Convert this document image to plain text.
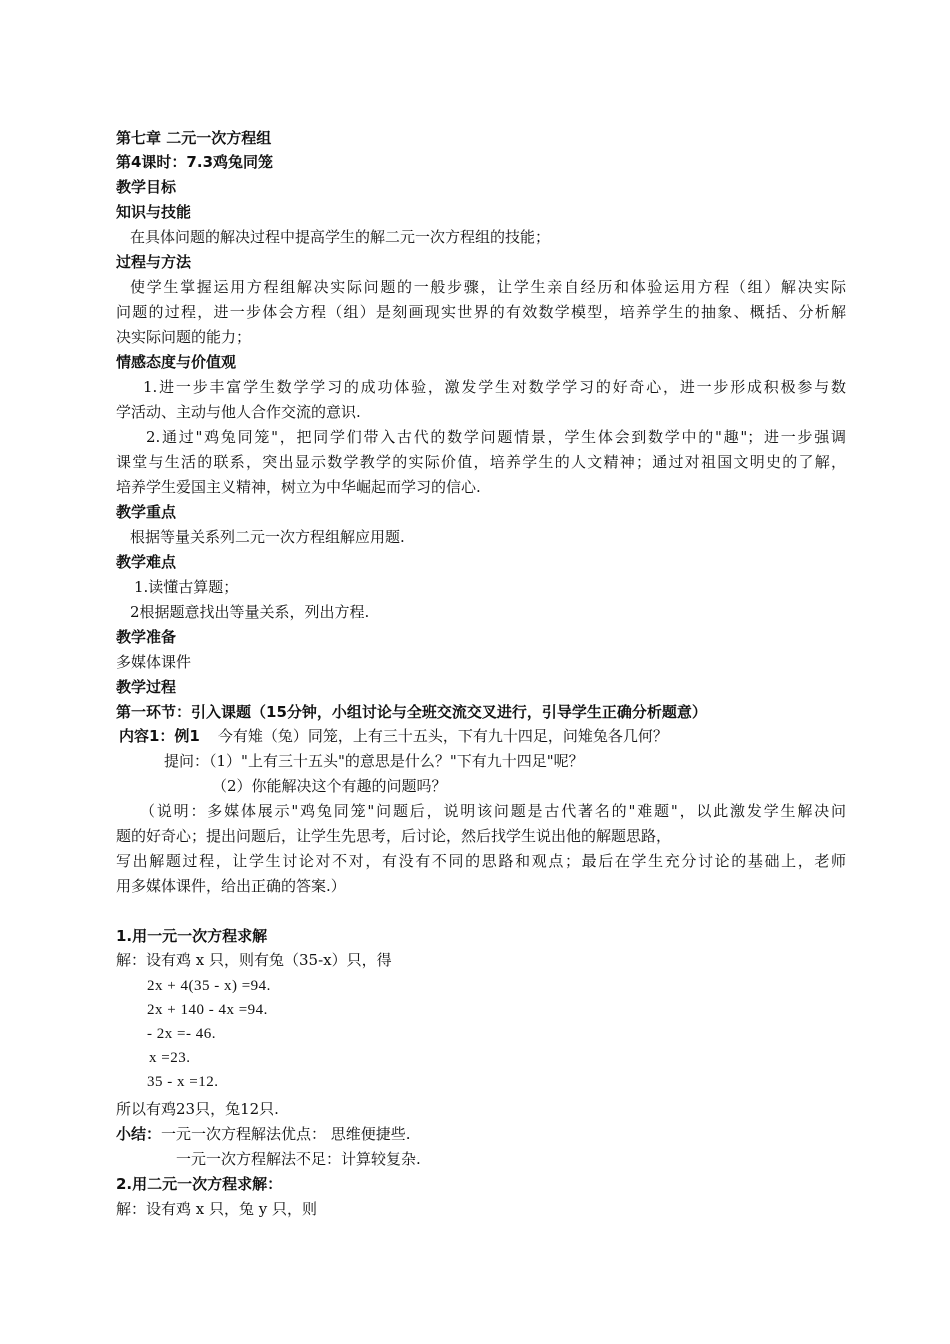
第七章 二元一次方程组
第4课时：7.3鸡兔同笼
教学目标
知识与技能
在具体问题的解决过程中提高学生的解二元一次方程组的技能；
过程与方法
使学生掌握运用方程组解决实际问题的一般步骤，让学生亲自经历和体验运用方程（组）解决实际
问题的过程，进一步体会方程（组）是刻画现实世界的有效数学模型，培养学生的抽象、概括、分析解
决实际问题的能力；
情感态度与价值观
1.进一步丰富学生数学学习的成功体验，激发学生对数学学习的好奇心，进一步形成积极参与数
学活动、主动与他人合作交流的意识.
2.通过"鸡兔同笼"，把同学们带入古代的数学问题情景，学生体会到数学中的"趣"；进一步强调
课堂与生活的联系，突出显示数学教学的实际价值，培养学生的人文精神；通过对祖国文明史的了解，
培养学生爱国主义精神，树立为中华崛起而学习的信心.
教学重点
根据等量关系列二元一次方程组解应用题.
教学难点
1.读懂古算题；
2根据题意找出等量关系，列出方程.
教学准备
多媒体课件
教学过程
第一环节：引入课题（15分钟，小组讨论与全班交流交叉进行，引导学生正确分析题意）
内容1：例1 今有雉（兔）同笼，上有三十五头，下有九十四足，问雉兔各几何？
提问：（1）"上有三十五头"的意思是什么？"下有九十四足"呢？
（2）你能解决这个有趣的问题吗？
（说明：多媒体展示"鸡兔同笼"问题后，说明该问题是古代著名的"难题"，以此激发学生解决问
题的好奇心；提出问题后，让学生先思考，后讨论，然后找学生说出他的解题思路，
写出解题过程，让学生讨论对不对，有没有不同的思路和观点；最后在学生充分讨论的基础上，老师
用多媒体课件，给出正确的答案.）
1.用一元一次方程求解
解：设有鸡 x 只，则有兔（35-x）只，得
2x + 4(35 - x) =94.
2x + 140 - 4x =94.
- 2x =- 46.
x =23.
35 - x =12.
所以有鸡23只，兔12只.
小结：一元一次方程解法优点： 思维便捷些.
一元一次方程解法不足：计算较复杂.
2.用二元一次方程求解：
解：设有鸡 x 只，兔 y 只，则
